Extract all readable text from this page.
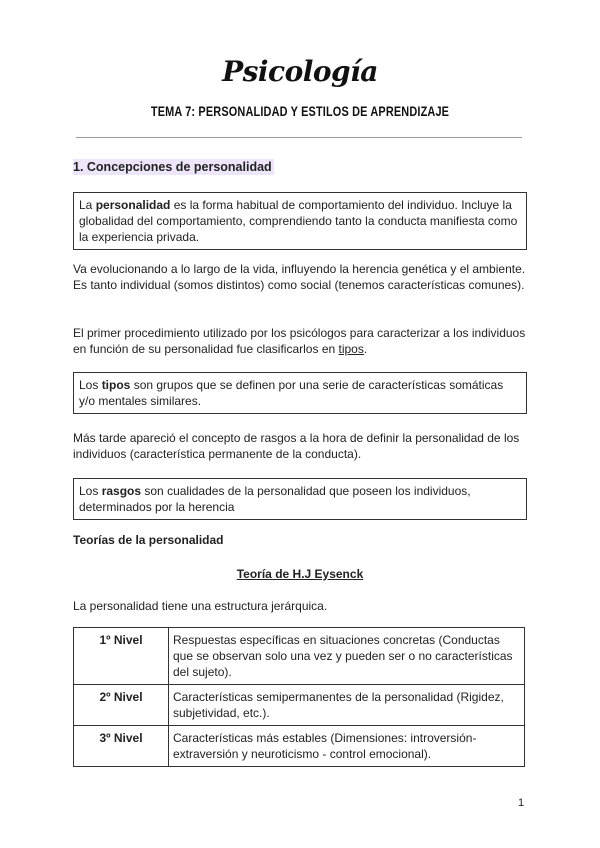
Psicología
TEMA 7: PERSONALIDAD Y ESTILOS DE APRENDIZAJE
1. Concepciones de personalidad
La personalidad es la forma habitual de comportamiento del individuo. Incluye la globalidad del comportamiento, comprendiendo tanto la conducta manifiesta como la experiencia privada.
Va evolucionando a lo largo de la vida, influyendo la herencia genética y el ambiente. Es tanto individual (somos distintos) como social (tenemos características comunes).
El primer procedimiento utilizado por los psicólogos para caracterizar a los individuos en función de su personalidad fue clasificarlos en tipos.
Los tipos son grupos que se definen por una serie de características somáticas y/o mentales similares.
Más tarde apareció el concepto de rasgos a la hora de definir la personalidad de los individuos (característica permanente de la conducta).
Los rasgos son cualidades de la personalidad que poseen los individuos, determinados por la herencia
Teorías de la personalidad
Teoría de H.J Eysenck
La personalidad tiene una estructura jerárquica.
1º Nivel	Respuestas específicas en situaciones concretas (Conductas que se observan solo una vez y pueden ser o no características del sujeto).
2º Nivel	Características semipermanentes de la personalidad (Rigidez, subjetividad, etc.).
3º Nivel	Características más estables (Dimensiones: introversión-extraversión y neuroticismo - control emocional).
1
